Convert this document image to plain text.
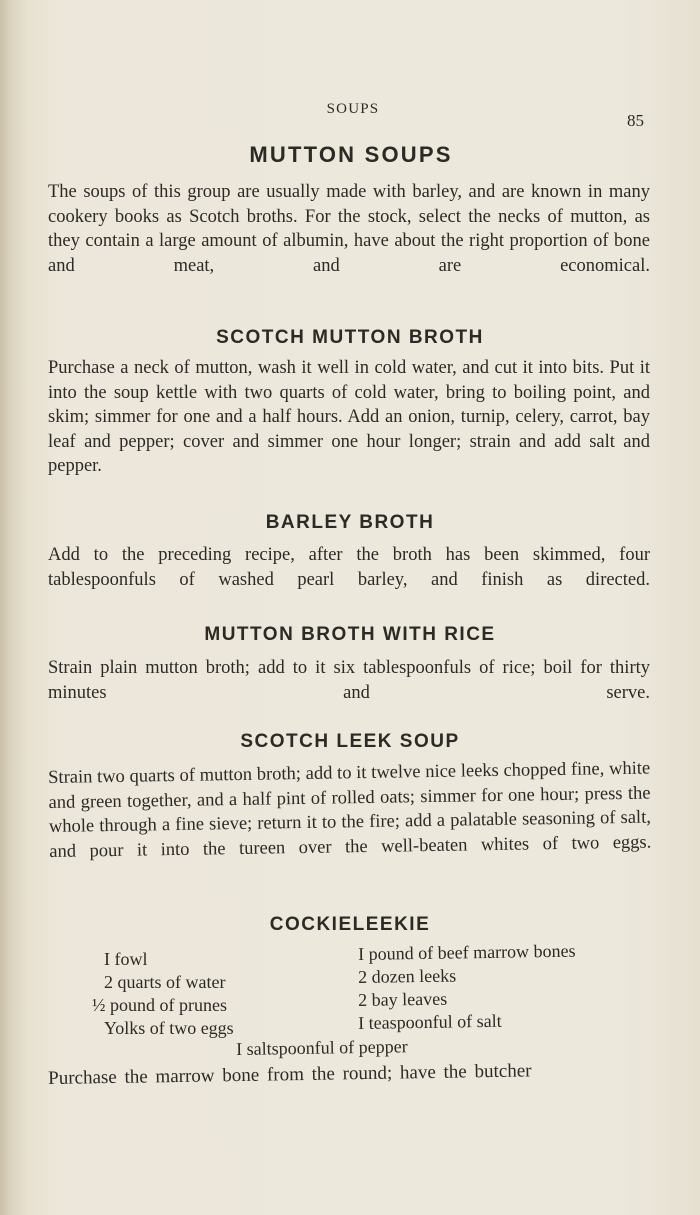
SOUPS
85
MUTTON SOUPS

The soups of this group are usually made with barley, and are known in many cookery books as Scotch broths. For the stock, select the necks of mutton, as they contain a large amount of albumin, have about the right proportion of bone and meat, and are economical.

SCOTCH MUTTON BROTH

Purchase a neck of mutton, wash it well in cold water, and cut it into bits. Put it into the soup kettle with two quarts of cold water, bring to boiling point, and skim; simmer for one and a half hours. Add an onion, turnip, celery, carrot, bay leaf and pepper; cover and simmer one hour longer; strain and add salt and pepper.

BARLEY BROTH

Add to the preceding recipe, after the broth has been skimmed, four tablespoonfuls of washed pearl barley, and finish as directed.

MUTTON BROTH WITH RICE

Strain plain mutton broth; add to it six tablespoonfuls of rice; boil for thirty minutes and serve.

SCOTCH LEEK SOUP

Strain two quarts of mutton broth; add to it twelve nice leeks chopped fine, white and green together, and a half pint of rolled oats; simmer for one hour; press the whole through a fine sieve; return it to the fire; add a palatable seasoning of salt, and pour it into the tureen over the well-beaten whites of two eggs.

COCKIELEEKIE
I fowl
2 quarts of water
½ pound of prunes
Yolks of two eggs
I pound of beef marrow bones
2 dozen leeks
2 bay leaves
I teaspoonful of salt
I saltspoonful of pepper

Purchase the marrow bone from the round; have the butcher
